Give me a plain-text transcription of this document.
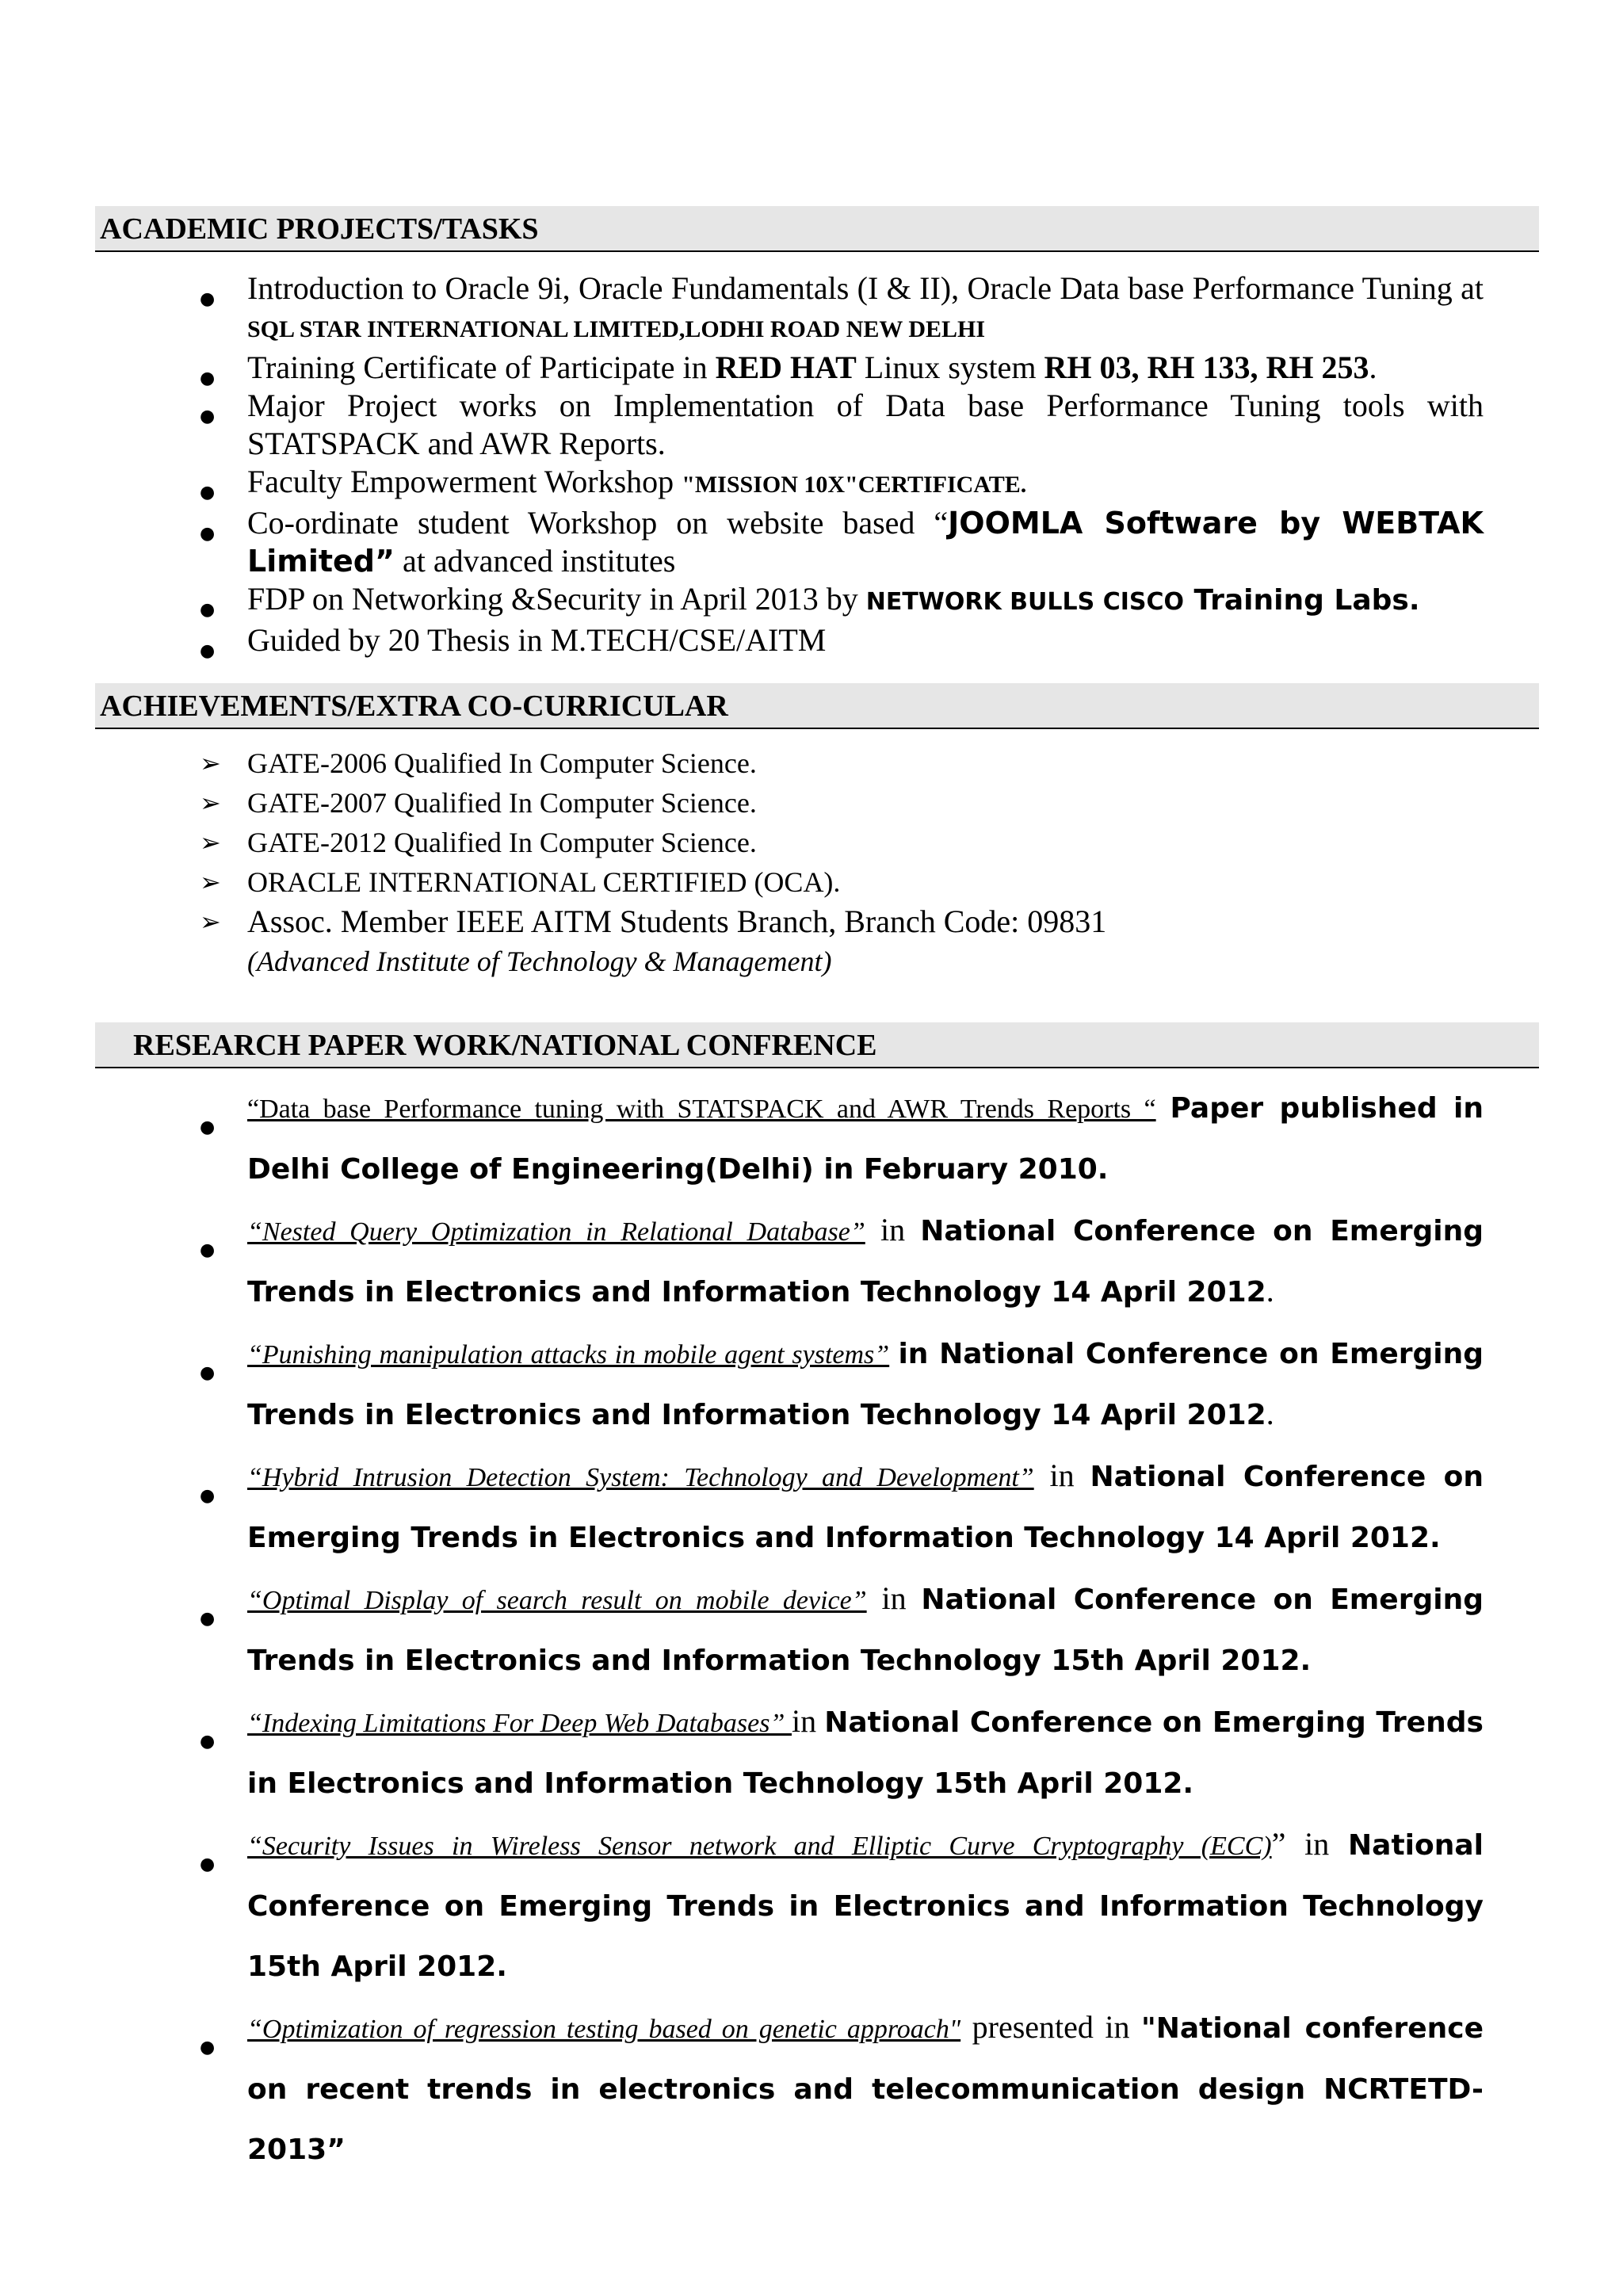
ACADEMIC PROJECTS/TASKS
● Introduction to Oracle 9i, Oracle Fundamentals (I & II), Oracle Data base Performance Tuning at SQL STAR INTERNATIONAL LIMITED,LODHI ROAD NEW DELHI
● Training Certificate of Participate in RED HAT Linux system RH 03, RH 133, RH 253.
● Major Project works on Implementation of Data base Performance Tuning tools with STATSPACK and AWR Reports.
● Faculty Empowerment Workshop "MISSION 10X"CERTIFICATE.
● Co-ordinate student Workshop on website based “JOOMLA Software by WEBTAK Limited” at advanced institutes
● FDP on Networking &Security in April 2013 by NETWORK BULLS CISCO Training Labs.
● Guided by 20 Thesis in M.TECH/CSE/AITM
ACHIEVEMENTS/EXTRA CO-CURRICULAR
➢ GATE-2006 Qualified In Computer Science.
➢ GATE-2007 Qualified In Computer Science.
➢ GATE-2012 Qualified In Computer Science.
➢ ORACLE INTERNATIONAL CERTIFIED (OCA).
➢ Assoc. Member IEEE AITM Students Branch, Branch Code: 09831
(Advanced Institute of Technology & Management)
RESEARCH PAPER WORK/NATIONAL CONFRENCE
●
“Data base Performance tuning with STATSPACK and AWR Trends Reports “ Paper published in Delhi College of Engineering(Delhi) in February 2010.
●
“Nested Query Optimization in Relational Database” in National Conference on Emerging Trends in Electronics and Information Technology 14 April 2012.
●
“Punishing manipulation attacks in mobile agent systems” in National Conference on Emerging Trends in Electronics and Information Technology 14 April 2012.
●
“Hybrid Intrusion Detection System: Technology and Development” in National Conference on Emerging Trends in Electronics and Information Technology 14 April 2012.
●
“Optimal Display of search result on mobile device” in National Conference on Emerging Trends in Electronics and Information Technology 15th April 2012.
●
“Indexing Limitations For Deep Web Databases” in National Conference on Emerging Trends in Electronics and Information Technology 15th April 2012.
●
“Security Issues in Wireless Sensor network and Elliptic Curve Cryptography (ECC)” in National Conference on Emerging Trends in Electronics and Information Technology 15th April 2012.
●
“Optimization of regression testing based on genetic approach" presented in "National conference on recent trends in electronics and telecommunication design NCRTETD-2013”
